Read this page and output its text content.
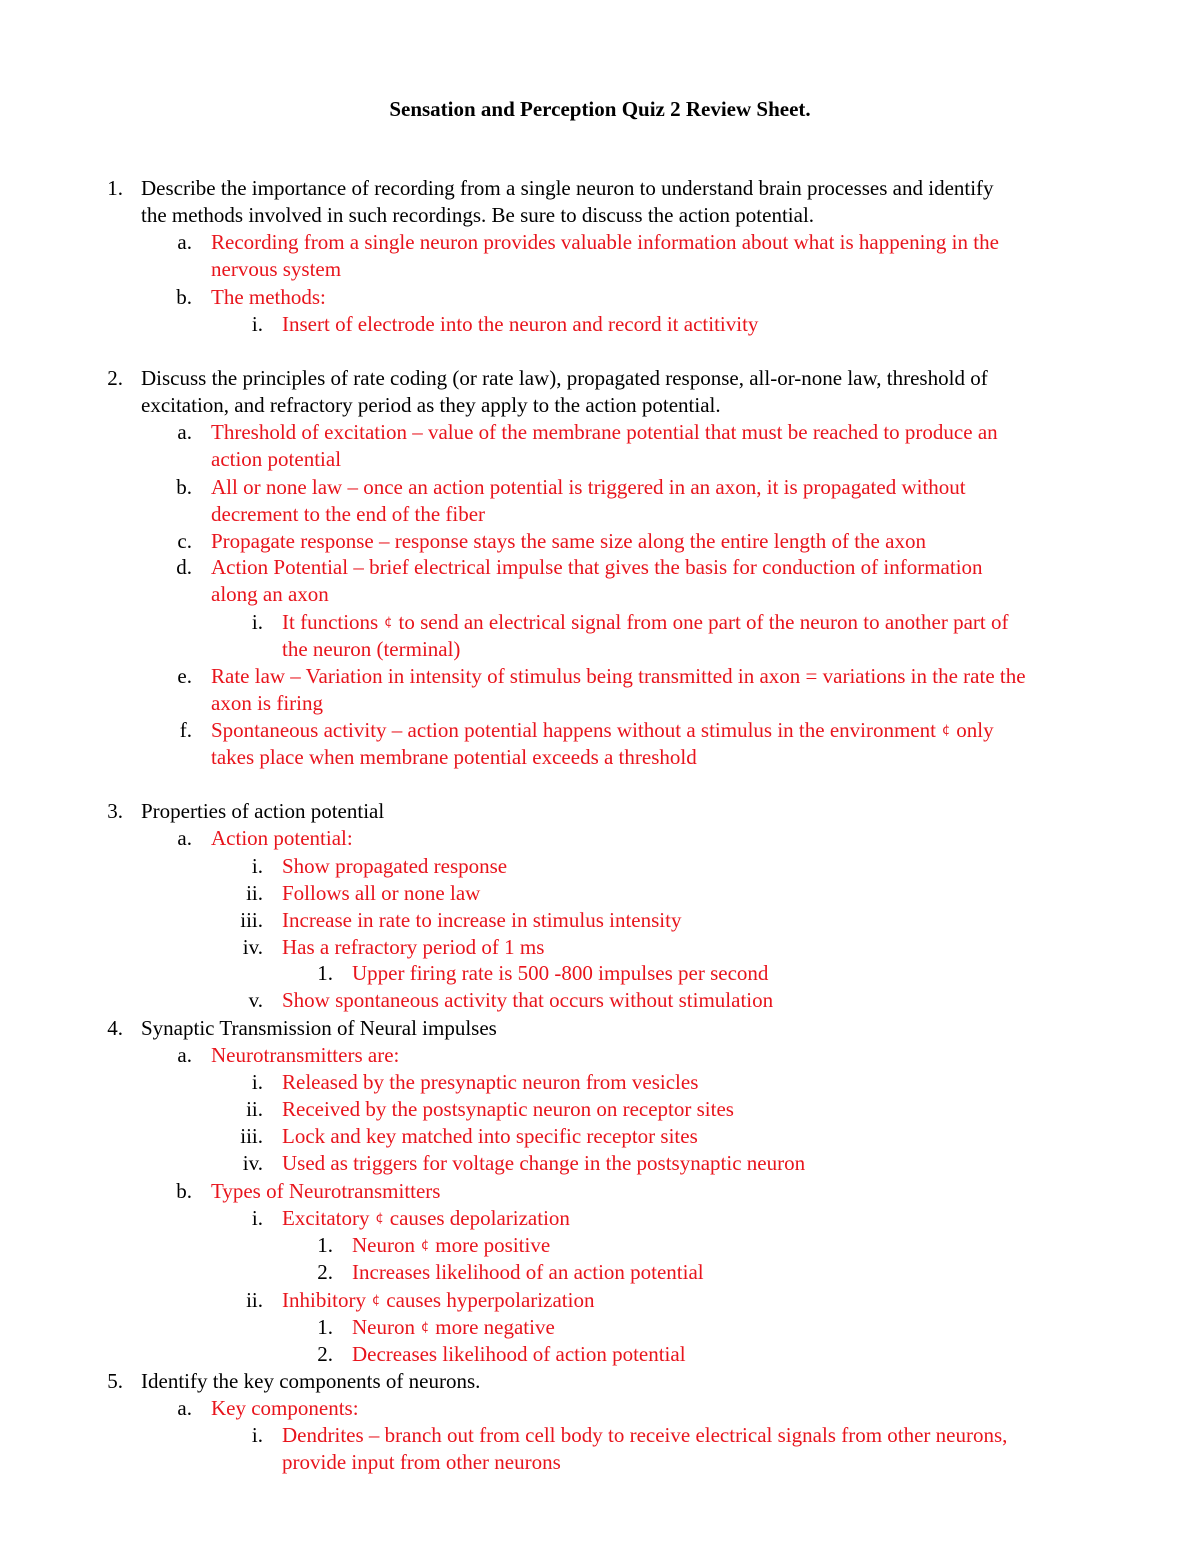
Sensation and Perception Quiz 2 Review Sheet.
1. Describe the importance of recording from a single neuron to understand brain processes and identify
the methods involved in such recordings. Be sure to discuss the action potential.
a. Recording from a single neuron provides valuable information about what is happening in the
nervous system
b. The methods:
i. Insert of electrode into the neuron and record it actitivity
2. Discuss the principles of rate coding (or rate law), propagated response, all-or-none law, threshold of
excitation, and refractory period as they apply to the action potential.
a. Threshold of excitation – value of the membrane potential that must be reached to produce an
action potential
b. All or none law – once an action potential is triggered in an axon, it is propagated without
decrement to the end of the fiber
c. Propagate response – response stays the same size along the entire length of the axon
d. Action Potential – brief electrical impulse that gives the basis for conduction of information
along an axon
i. It functions ¢ to send an electrical signal from one part of the neuron to another part of
the neuron (terminal)
e. Rate law – Variation in intensity of stimulus being transmitted in axon = variations in the rate the
axon is firing
f. Spontaneous activity – action potential happens without a stimulus in the environment ¢ only
takes place when membrane potential exceeds a threshold
3. Properties of action potential
a. Action potential:
i. Show propagated response
ii. Follows all or none law
iii. Increase in rate to increase in stimulus intensity
iv. Has a refractory period of 1 ms
1. Upper firing rate is 500 -800 impulses per second
v. Show spontaneous activity that occurs without stimulation
4. Synaptic Transmission of Neural impulses
a. Neurotransmitters are:
i. Released by the presynaptic neuron from vesicles
ii. Received by the postsynaptic neuron on receptor sites
iii. Lock and key matched into specific receptor sites
iv. Used as triggers for voltage change in the postsynaptic neuron
b. Types of Neurotransmitters
i. Excitatory ¢ causes depolarization
1. Neuron ¢ more positive
2. Increases likelihood of an action potential
ii. Inhibitory ¢ causes hyperpolarization
1. Neuron ¢ more negative
2. Decreases likelihood of action potential
5. Identify the key components of neurons.
a. Key components:
i. Dendrites – branch out from cell body to receive electrical signals from other neurons,
provide input from other neurons
